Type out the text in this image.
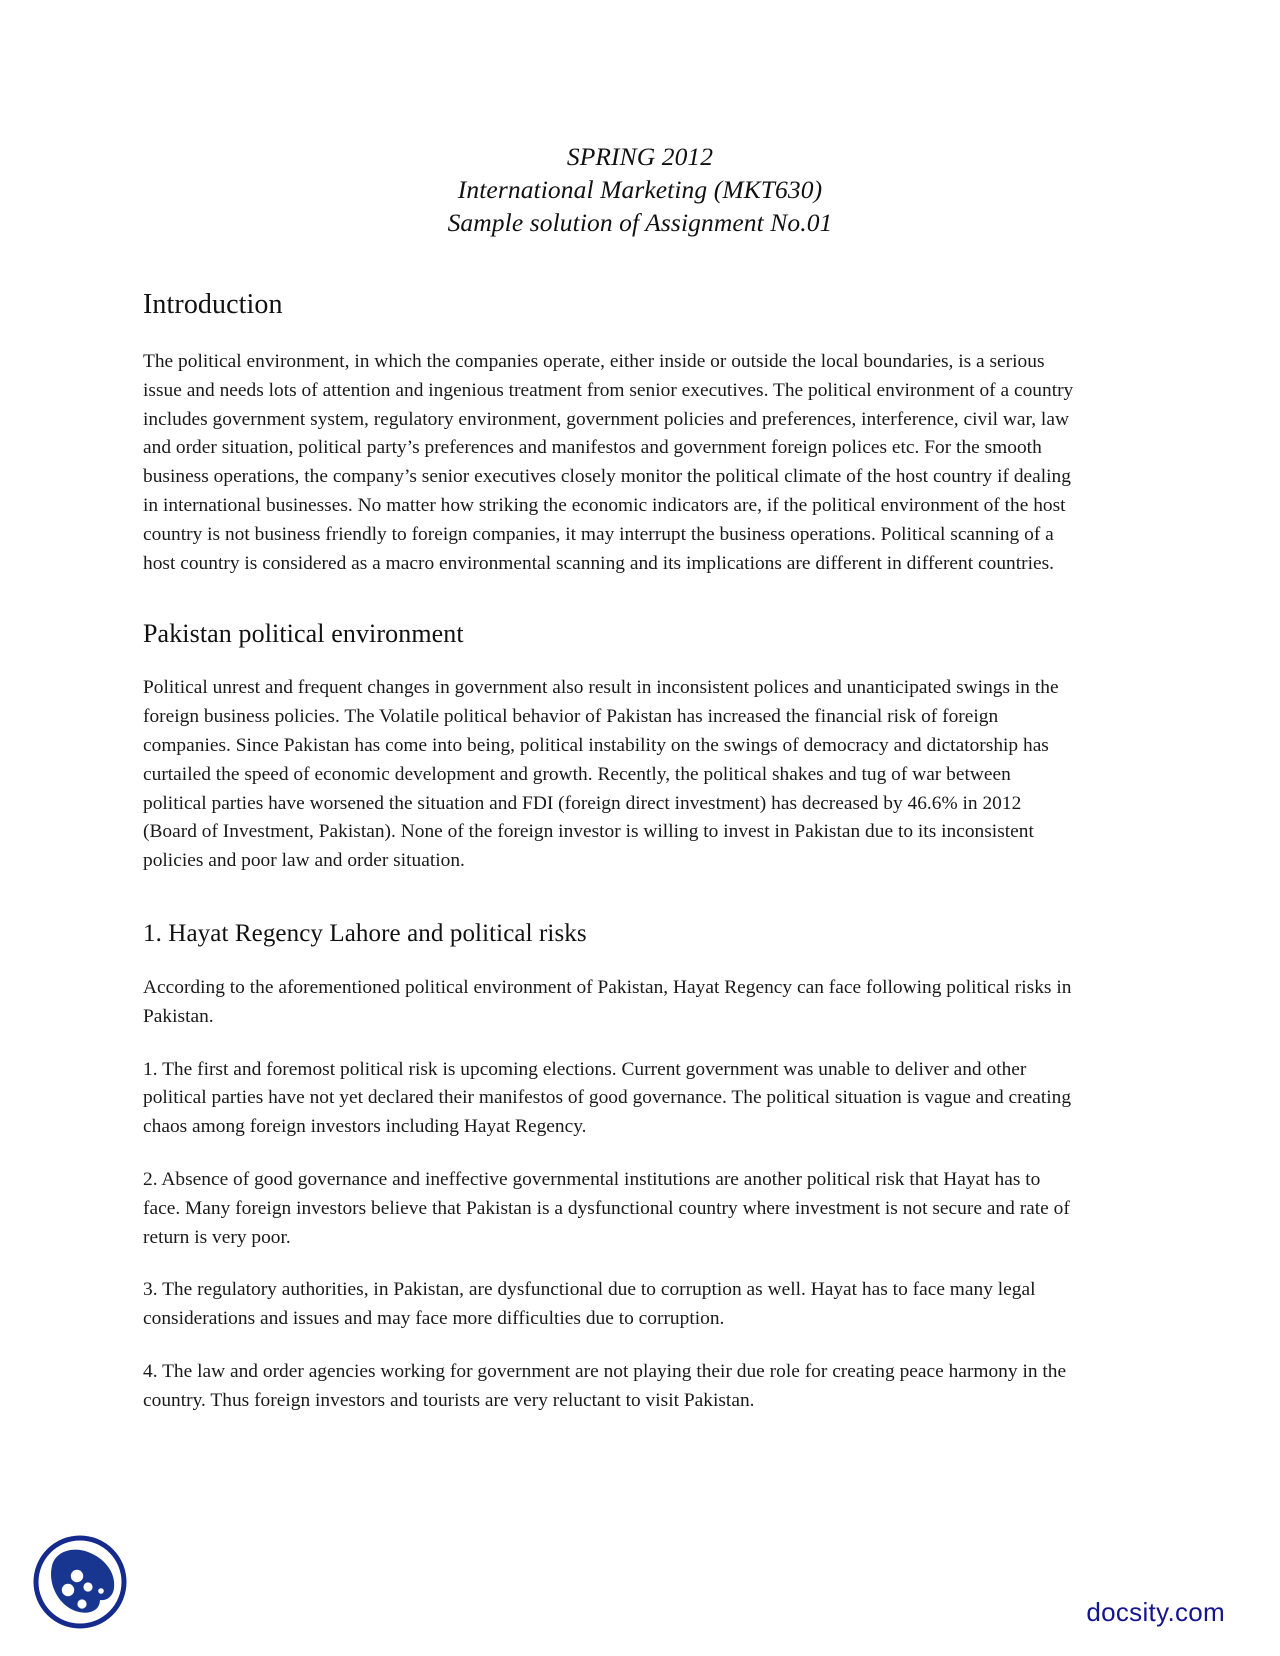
SPRING 2012
International Marketing (MKT630)
Sample solution of Assignment No.01
Introduction

The political environment, in which the companies operate, either inside or outside the local boundaries, is a serious issue and needs lots of attention and ingenious treatment from senior executives. The political environment of a country includes government system, regulatory environment, government policies and preferences, interference, civil war, law and order situation, political party’s preferences and manifestos and government foreign polices etc. For the smooth business operations, the company’s senior executives closely monitor the political climate of the host country if dealing in international businesses. No matter how striking the economic indicators are, if the political environment of the host country is not business friendly to foreign companies, it may interrupt the business operations. Political scanning of a host country is considered as a macro environmental scanning and its implications are different in different countries.

Pakistan political environment

Political unrest and frequent changes in government also result in inconsistent polices and unanticipated swings in the foreign business policies. The Volatile political behavior of Pakistan has increased the financial risk of foreign companies. Since Pakistan has come into being, political instability on the swings of democracy and dictatorship has curtailed the speed of economic development and growth. Recently, the political shakes and tug of war between political parties have worsened the situation and FDI (foreign direct investment) has decreased by 46.6% in 2012 (Board of Investment, Pakistan). None of the foreign investor is willing to invest in Pakistan due to its inconsistent policies and poor law and order situation.

1. Hayat Regency Lahore and political risks

According to the aforementioned political environment of Pakistan, Hayat Regency can face following political risks in Pakistan.

1. The first and foremost political risk is upcoming elections. Current government was unable to deliver and other political parties have not yet declared their manifestos of good governance. The political situation is vague and creating chaos among foreign investors including Hayat Regency.

2. Absence of good governance and ineffective governmental institutions are another political risk that Hayat has to face. Many foreign investors believe that Pakistan is a dysfunctional country where investment is not secure and rate of return is very poor.

3. The regulatory authorities, in Pakistan, are dysfunctional due to corruption as well. Hayat has to face many legal considerations and issues and may face more difficulties due to corruption.

4. The law and order agencies working for government are not playing their due role for creating peace harmony in the country. Thus foreign investors and tourists are very reluctant to visit Pakistan.

docsity.com
